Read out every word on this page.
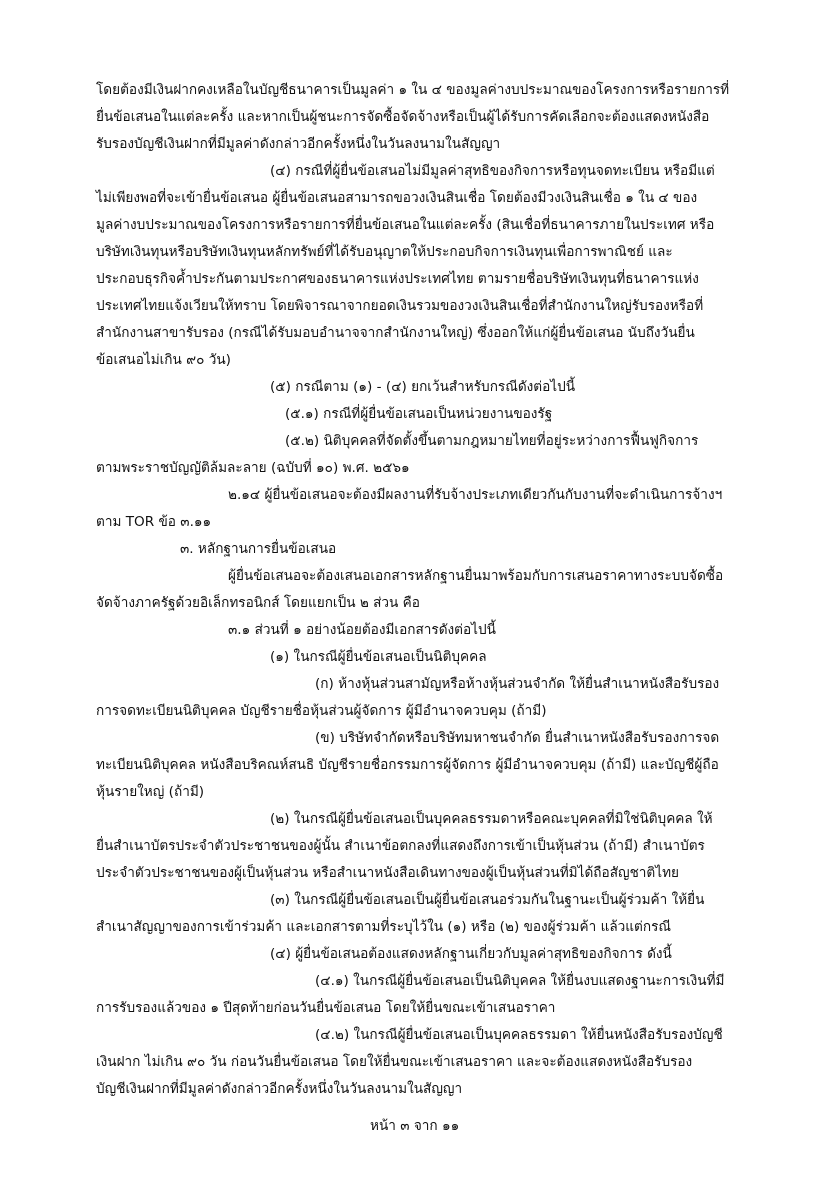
โดยต้องมีเงินฝากคงเหลือในบัญชีธนาคารเป็นมูลค่า ๑ ใน ๔ ของมูลค่างบประมาณของโครงการหรือรายการที่
ยื่นข้อเสนอในแต่ละครั้ง และหากเป็นผู้ชนะการจัดซื้อจัดจ้างหรือเป็นผู้ได้รับการคัดเลือกจะต้องแสดงหนังสือ
รับรองบัญชีเงินฝากที่มีมูลค่าดังกล่าวอีกครั้งหนึ่งในวันลงนามในสัญญา
(๔) กรณีที่ผู้ยื่นข้อเสนอไม่มีมูลค่าสุทธิของกิจการหรือทุนจดทะเบียน หรือมีแต่
ไม่เพียงพอที่จะเข้ายื่นข้อเสนอ ผู้ยื่นข้อเสนอสามารถขอวงเงินสินเชื่อ โดยต้องมีวงเงินสินเชื่อ ๑ ใน ๔ ของ
มูลค่างบประมาณของโครงการหรือรายการที่ยื่นข้อเสนอในแต่ละครั้ง (สินเชื่อที่ธนาคารภายในประเทศ หรือ
บริษัทเงินทุนหรือบริษัทเงินทุนหลักทรัพย์ที่ได้รับอนุญาตให้ประกอบกิจการเงินทุนเพื่อการพาณิชย์ และ
ประกอบธุรกิจค้ำประกันตามประกาศของธนาคารแห่งประเทศไทย ตามรายชื่อบริษัทเงินทุนที่ธนาคารแห่ง
ประเทศไทยแจ้งเวียนให้ทราบ โดยพิจารณาจากยอดเงินรวมของวงเงินสินเชื่อที่สำนักงานใหญ่รับรองหรือที่
สำนักงานสาขารับรอง (กรณีได้รับมอบอำนาจจากสำนักงานใหญ่) ซึ่งออกให้แก่ผู้ยื่นข้อเสนอ นับถึงวันยื่น
ข้อเสนอไม่เกิน ๙๐ วัน)
(๕) กรณีตาม (๑) - (๔) ยกเว้นสำหรับกรณีดังต่อไปนี้
(๕.๑) กรณีที่ผู้ยื่นข้อเสนอเป็นหน่วยงานของรัฐ
(๕.๒) นิติบุคคลที่จัดตั้งขึ้นตามกฎหมายไทยที่อยู่ระหว่างการฟื้นฟูกิจการ
ตามพระราชบัญญัติล้มละลาย (ฉบับที่ ๑๐) พ.ศ. ๒๕๖๑
๒.๑๔ ผู้ยื่นข้อเสนอจะต้องมีผลงานที่รับจ้างประเภทเดียวกันกับงานที่จะดำเนินการจ้างฯ
ตาม TOR ข้อ ๓.๑๑
๓. หลักฐานการยื่นข้อเสนอ
ผู้ยื่นข้อเสนอจะต้องเสนอเอกสารหลักฐานยื่นมาพร้อมกับการเสนอราคาทางระบบจัดซื้อ
จัดจ้างภาครัฐด้วยอิเล็กทรอนิกส์ โดยแยกเป็น ๒ ส่วน คือ
๓.๑ ส่วนที่ ๑ อย่างน้อยต้องมีเอกสารดังต่อไปนี้
(๑) ในกรณีผู้ยื่นข้อเสนอเป็นนิติบุคคล
(ก) ห้างหุ้นส่วนสามัญหรือห้างหุ้นส่วนจำกัด ให้ยื่นสำเนาหนังสือรับรอง
การจดทะเบียนนิติบุคคล บัญชีรายชื่อหุ้นส่วนผู้จัดการ ผู้มีอำนาจควบคุม (ถ้ามี)
(ข) บริษัทจำกัดหรือบริษัทมหาชนจำกัด ยื่นสำเนาหนังสือรับรองการจด
ทะเบียนนิติบุคคล หนังสือบริคณห์สนธิ บัญชีรายชื่อกรรมการผู้จัดการ ผู้มีอำนาจควบคุม (ถ้ามี) และบัญชีผู้ถือ
หุ้นรายใหญ่ (ถ้ามี)
(๒) ในกรณีผู้ยื่นข้อเสนอเป็นบุคคลธรรมดาหรือคณะบุคคลที่มิใช่นิติบุคคล ให้
ยื่นสำเนาบัตรประจำตัวประชาชนของผู้นั้น สำเนาข้อตกลงที่แสดงถึงการเข้าเป็นหุ้นส่วน (ถ้ามี) สำเนาบัตร
ประจำตัวประชาชนของผู้เป็นหุ้นส่วน หรือสำเนาหนังสือเดินทางของผู้เป็นหุ้นส่วนที่มิได้ถือสัญชาติไทย
(๓) ในกรณีผู้ยื่นข้อเสนอเป็นผู้ยื่นข้อเสนอร่วมกันในฐานะเป็นผู้ร่วมค้า ให้ยื่น
สำเนาสัญญาของการเข้าร่วมค้า และเอกสารตามที่ระบุไว้ใน (๑) หรือ (๒) ของผู้ร่วมค้า แล้วแต่กรณี
(๔) ผู้ยื่นข้อเสนอต้องแสดงหลักฐานเกี่ยวกับมูลค่าสุทธิของกิจการ ดังนี้
(๔.๑) ในกรณีผู้ยื่นข้อเสนอเป็นนิติบุคคล ให้ยื่นงบแสดงฐานะการเงินที่มี
การรับรองแล้วของ ๑ ปีสุดท้ายก่อนวันยื่นข้อเสนอ โดยให้ยื่นขณะเข้าเสนอราคา
(๔.๒) ในกรณีผู้ยื่นข้อเสนอเป็นบุคคลธรรมดา ให้ยื่นหนังสือรับรองบัญชี
เงินฝาก ไม่เกิน ๙๐ วัน ก่อนวันยื่นข้อเสนอ โดยให้ยื่นขณะเข้าเสนอราคา และจะต้องแสดงหนังสือรับรอง
บัญชีเงินฝากที่มีมูลค่าดังกล่าวอีกครั้งหนึ่งในวันลงนามในสัญญา
หน้า ๓ จาก ๑๑
